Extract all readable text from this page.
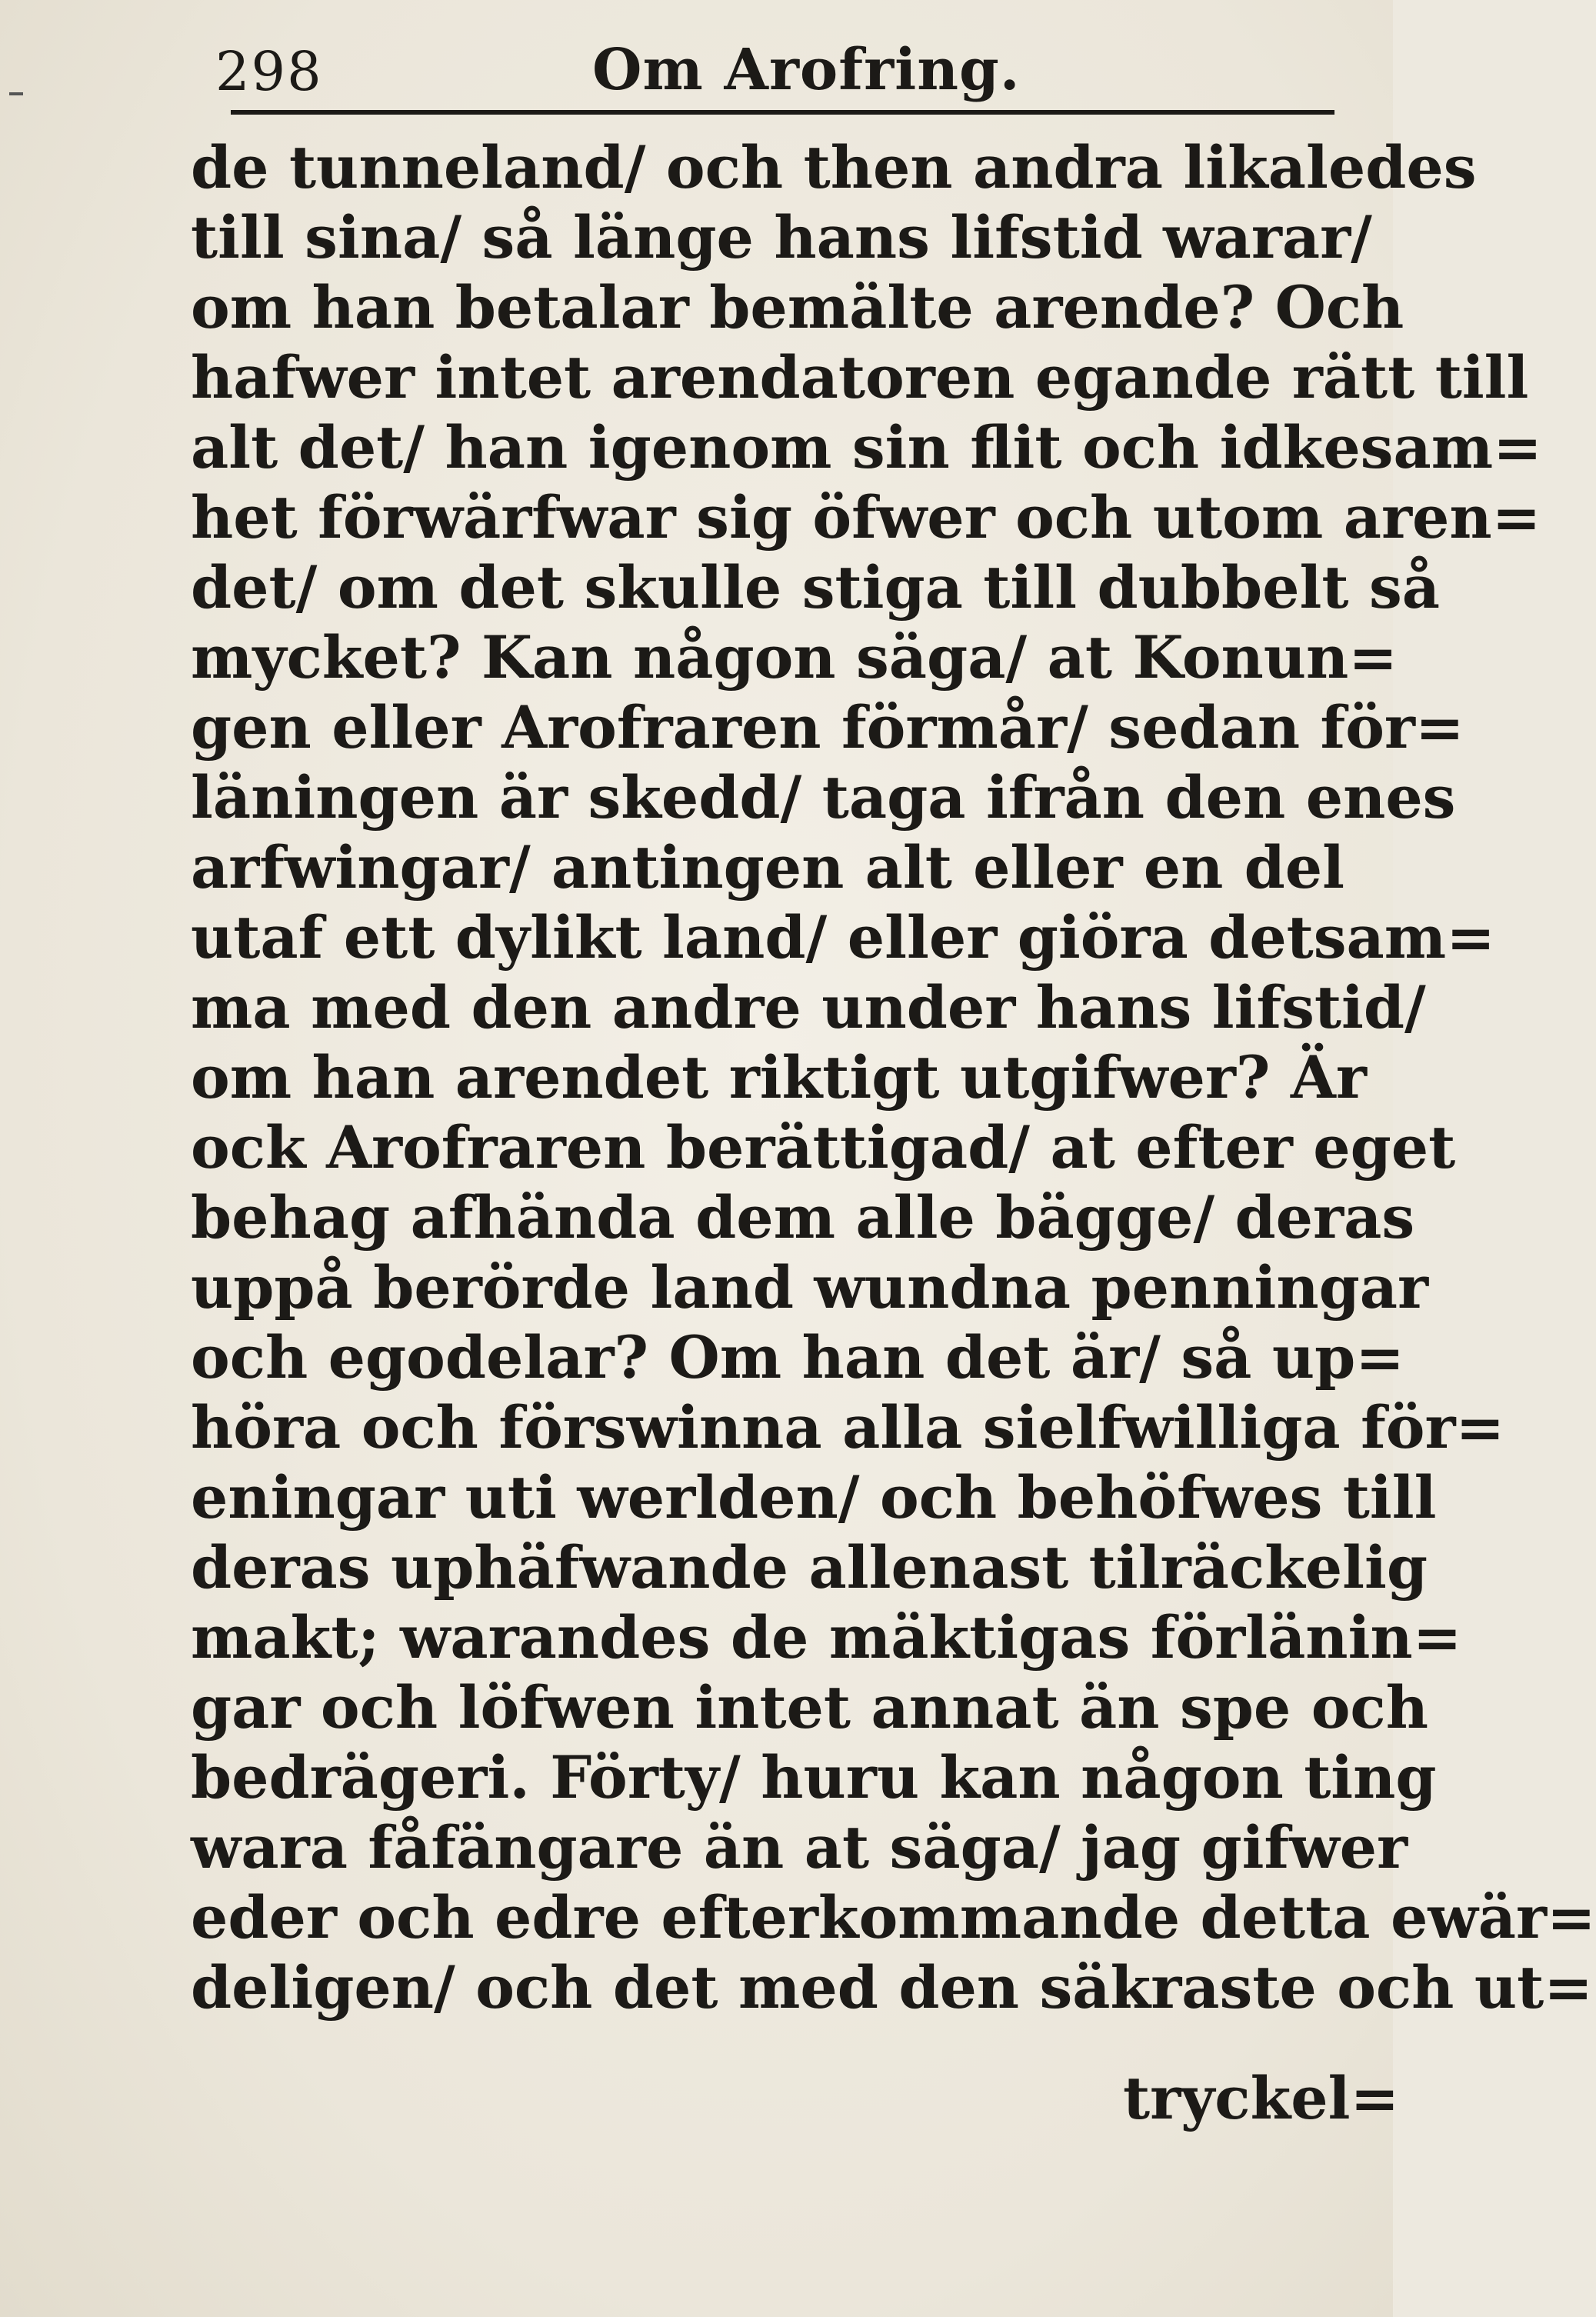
298	Om Arofring.
de tunneland/ och then andra likaledes
till sina/ så länge hans lifstid warar/
om han betalar bemälte arende? Och
hafwer intet arendatoren egande rätt till
alt det/ han igenom sin flit och idkesam=
het förwärfwar sig öfwer och utom aren=
det/ om det skulle stiga till dubbelt så
mycket? Kan någon säga/ at Konun=
gen eller Arofraren förmår/ sedan för=
läningen är skedd/ taga ifrån den enes
arfwingar/ antingen alt eller en del
utaf ett dylikt land/ eller giöra detsam=
ma med den andre under hans lifstid/
om han arendet riktigt utgifwer? Är
ock Arofraren berättigad/ at efter eget
behag afhända dem alle bägge/ deras
uppå berörde land wundna penningar
och egodelar? Om han det är/ så up=
höra och förswinna alla sielfwilliga för=
eningar uti werlden/ och behöfwes till
deras uphäfwande allenast tilräckelig
makt; warandes de mäktigas förlänin=
gar och löfwen intet annat än spe och
bedrägeri. Förty/ huru kan någon ting
wara fåfängare än at säga/ jag gifwer
eder och edre efterkommande detta ewär=
deligen/ och det med den säkraste och ut=
tryckel=
